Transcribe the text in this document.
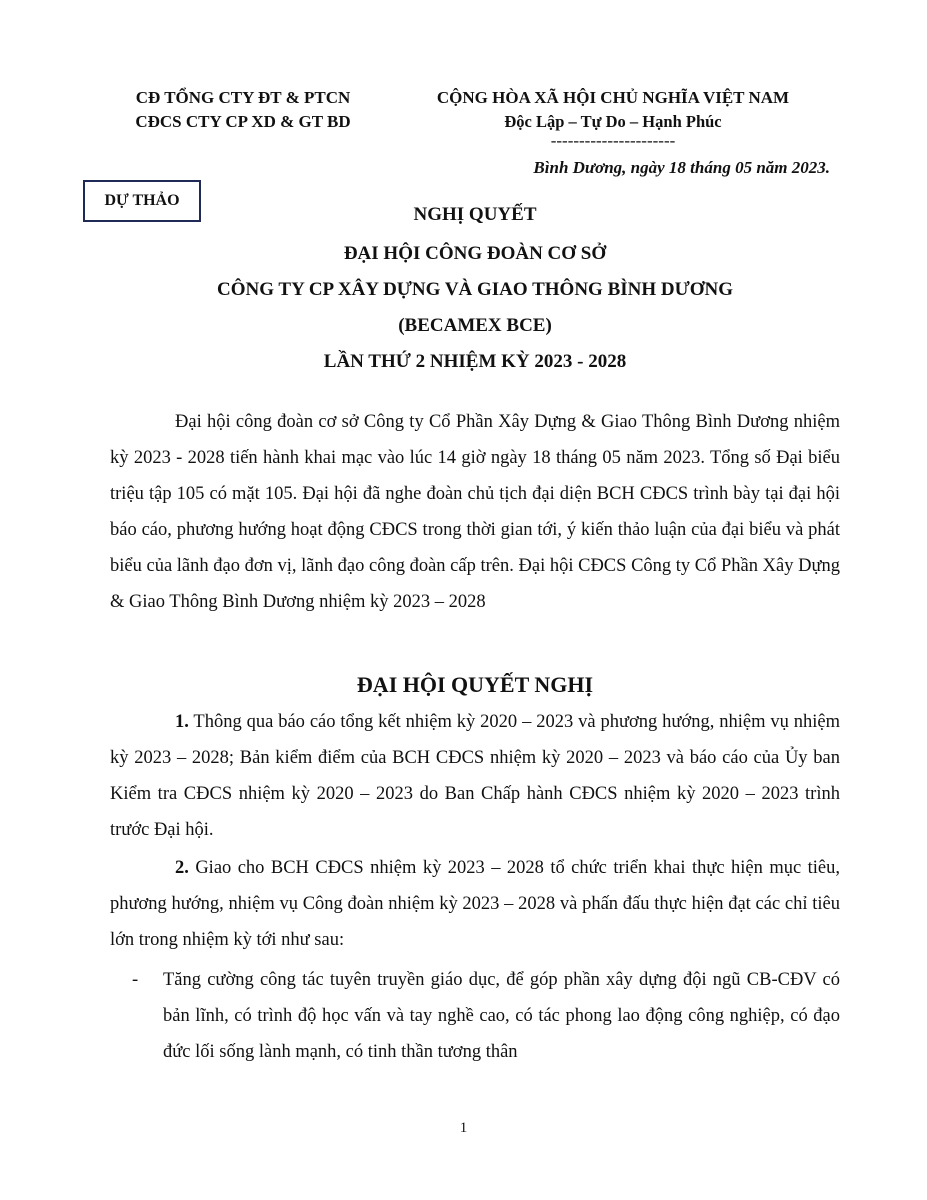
CĐ TỔNG CTY ĐT & PTCN
CĐCS CTY CP XD & GT BD
CỘNG HÒA XÃ HỘI CHỦ NGHĨA VIỆT NAM
Độc Lập – Tự Do – Hạnh Phúc
----------------------
Bình Dương, ngày 18 tháng 05 năm 2023.
DỰ THẢO
NGHỊ QUYẾT
ĐẠI HỘI CÔNG ĐOÀN CƠ SỞ
CÔNG TY CP XÂY DỰNG VÀ GIAO THÔNG BÌNH DƯƠNG
(BECAMEX BCE)
LẦN THỨ 2 NHIỆM KỲ 2023 - 2028
Đại hội công đoàn cơ sở Công ty Cổ Phần Xây Dựng & Giao Thông Bình Dương nhiệm kỳ 2023 - 2028 tiến hành khai mạc vào lúc 14 giờ ngày 18 tháng 05 năm 2023. Tổng số Đại biểu triệu tập 105 có mặt 105. Đại hội đã nghe đoàn chủ tịch đại diện BCH CĐCS trình bày tại đại hội báo cáo, phương hướng hoạt động CĐCS trong thời gian tới, ý kiến thảo luận của đại biểu và phát biểu của lãnh đạo đơn vị, lãnh đạo công đoàn cấp trên. Đại hội CĐCS Công ty Cổ Phần Xây Dựng & Giao Thông Bình Dương nhiệm kỳ 2023 – 2028
ĐẠI HỘI QUYẾT NGHỊ
1. Thông qua báo cáo tổng kết nhiệm kỳ 2020 – 2023 và phương hướng, nhiệm vụ nhiệm kỳ 2023 – 2028; Bản kiểm điểm của BCH CĐCS nhiệm kỳ 2020 – 2023 và báo cáo của Ủy ban Kiểm tra CĐCS nhiệm kỳ 2020 – 2023 do Ban Chấp hành CĐCS nhiệm kỳ 2020 – 2023 trình trước Đại hội.
2. Giao cho BCH CĐCS nhiệm kỳ 2023 – 2028 tổ chức triển khai thực hiện mục tiêu, phương hướng, nhiệm vụ Công đoàn nhiệm kỳ 2023 – 2028 và phấn đấu thực hiện đạt các chỉ tiêu lớn trong nhiệm kỳ tới như sau:
- Tăng cường công tác tuyên truyền giáo dục, để góp phần xây dựng đội ngũ CB-CĐV có bản lĩnh, có trình độ học vấn và tay nghề cao, có tác phong lao động công nghiệp, có đạo đức lối sống lành mạnh, có tinh thần tương thân
1
